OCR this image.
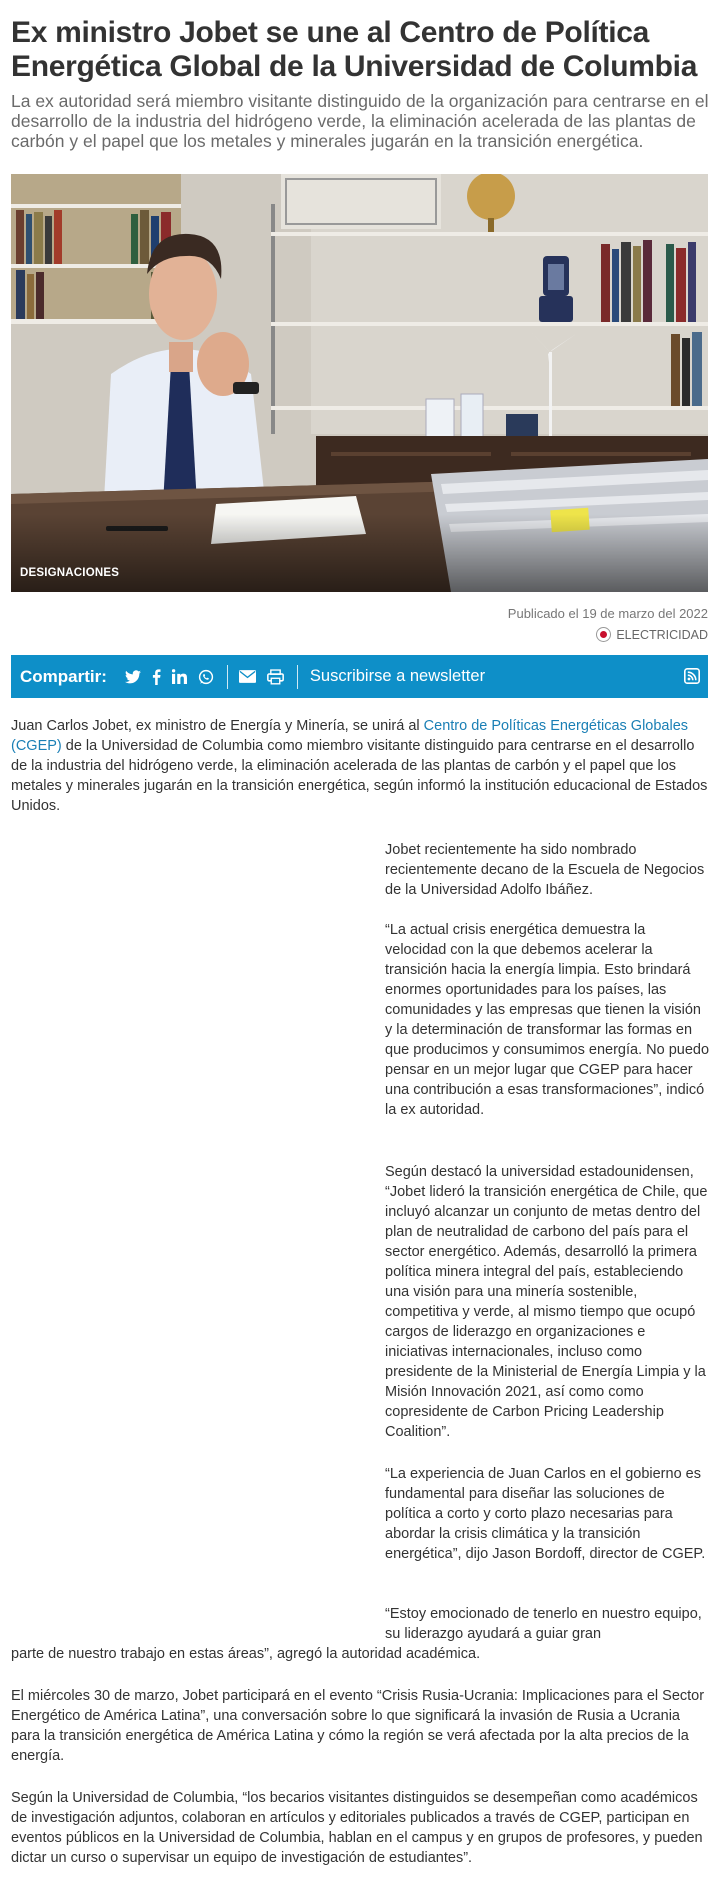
Ex ministro Jobet se une al Centro de Política Energética Global de la Universidad de Columbia

La ex autoridad será miembro visitante distinguido de la organización para centrarse en el desarrollo de la industria del hidrógeno verde, la eliminación acelerada de las plantas de carbón y el papel que los metales y minerales jugarán en la transición energética.

DESIGNACIONES
Publicado el 19 de marzo del 2022
ELECTRICIDAD
Compartir:	Suscribirse a newsletter

Juan Carlos Jobet, ex ministro de Energía y Minería, se unirá al Centro de Políticas Energéticas Globales (CGEP) de la Universidad de Columbia como miembro visitante distinguido para centrarse en el desarrollo de la industria del hidrógeno verde, la eliminación acelerada de las plantas de carbón y el papel que los metales y minerales jugarán en la transición energética, según informó la institución educacional de Estados Unidos.

Jobet recientemente ha sido nombrado recientemente decano de la Escuela de Negocios de la Universidad Adolfo Ibáñez.

“La actual crisis energética demuestra la velocidad con la que debemos acelerar la transición hacia la energía limpia. Esto brindará enormes oportunidades para los países, las comunidades y las empresas que tienen la visión y la determinación de transformar las formas en que producimos y consumimos energía. No puedo pensar en un mejor lugar que CGEP para hacer una contribución a esas transformaciones”, indicó la ex autoridad.

Según destacó la universidad estadounidensen, “Jobet lideró la transición energética de Chile, que incluyó alcanzar un conjunto de metas dentro del plan de neutralidad de carbono del país para el sector energético. Además, desarrolló la primera política minera integral del país, estableciendo una visión para una minería sostenible, competitiva y verde, al mismo tiempo que ocupó cargos de liderazgo en organizaciones e iniciativas internacionales, incluso como presidente de la Ministerial de Energía Limpia y la Misión Innovación 2021, así como como copresidente de Carbon Pricing Leadership Coalition”.

“La experiencia de Juan Carlos en el gobierno es fundamental para diseñar las soluciones de política a corto y corto plazo necesarias para abordar la crisis climática y la transición energética”, dijo Jason Bordoff, director de CGEP.

“Estoy emocionado de tenerlo en nuestro equipo, su liderazgo ayudará a guiar gran

parte de nuestro trabajo en estas áreas”, agregó la autoridad académica.

El miércoles 30 de marzo, Jobet participará en el evento “Crisis Rusia-Ucrania: Implicaciones para el Sector Energético de América Latina”, una conversación sobre lo que significará la invasión de Rusia a Ucrania para la transición energética de América Latina y cómo la región se verá afectada por la alta precios de la energía.

Según la Universidad de Columbia, “los becarios visitantes distinguidos se desempeñan como académicos de investigación adjuntos, colaboran en artículos y editoriales publicados a través de CGEP, participan en eventos públicos en la Universidad de Columbia, hablan en el campus y en grupos de profesores, y pueden dictar un curso o supervisar un equipo de investigación de estudiantes”.
